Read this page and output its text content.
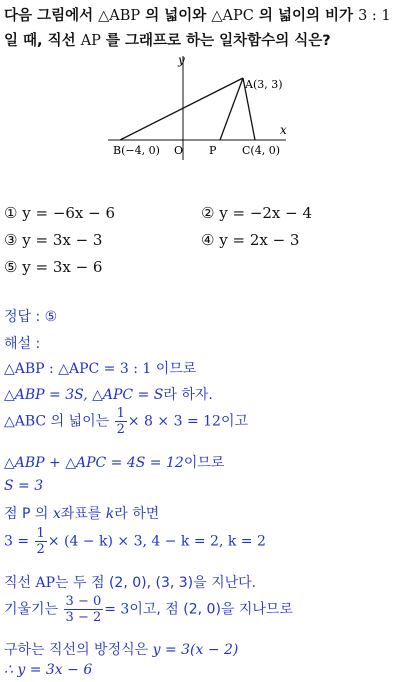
다음 그림에서 △ABP 의 넓이와 △APC 의 넓이의 비가 3 : 1
일 때, 직선 AP 를 그래프로 하는 일차함수의 식은?
y
x
A(3, 3)
B(−4, 0) O P C(4, 0)
① y = −6x − 6	② y = −2x − 4
③ y = 3x − 3	④ y = 2x − 3
⑤ y = 3x − 6
정답 : ⑤
해설 :
△ABP : △APC = 3 : 1 이므로
△ABP = 3S, △APC = S라 하자.
△ABC 의 넓이는 $\frac{1}{2} \times 8 \times 3 = 12$이고
△ABP + △APC = 4S = 12이므로
S = 3
점 P 의 x좌표를 k라 하면
$3 = \frac{1}{2} \times (4 - k) \times 3$, 4 − k = 2, k = 2
직선 AP는 두 점 (2, 0), (3, 3)을 지난다.
기울기는 $\frac{3 - 0}{3 - 2} = 3$이고, 점 (2, 0)을 지나므로
구하는 직선의 방정식은 y = 3(x − 2)
∴ y = 3x − 6
